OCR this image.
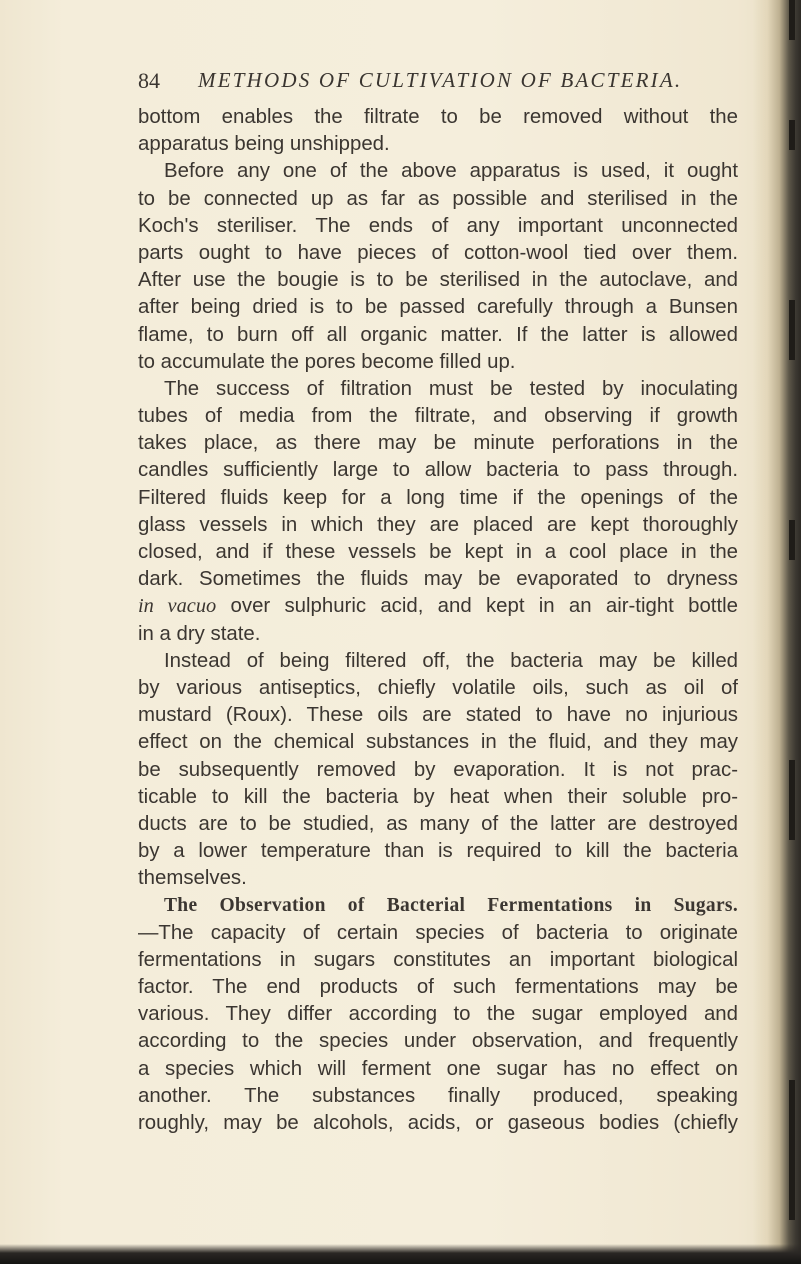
84 METHODS OF CULTIVATION OF BACTERIA.
bottom enables the filtrate to be removed without the
apparatus being unshipped.
Before any one of the above apparatus is used, it ought
to be connected up as far as possible and sterilised in the
Koch's steriliser. The ends of any important unconnected
parts ought to have pieces of cotton-wool tied over them.
After use the bougie is to be sterilised in the autoclave, and
after being dried is to be passed carefully through a Bunsen
flame, to burn off all organic matter. If the latter is allowed
to accumulate the pores become filled up.
The success of filtration must be tested by inoculating
tubes of media from the filtrate, and observing if growth
takes place, as there may be minute perforations in the
candles sufficiently large to allow bacteria to pass through.
Filtered fluids keep for a long time if the openings of the
glass vessels in which they are placed are kept thoroughly
closed, and if these vessels be kept in a cool place in the
dark. Sometimes the fluids may be evaporated to dryness
in vacuo over sulphuric acid, and kept in an air-tight bottle
in a dry state.
Instead of being filtered off, the bacteria may be killed
by various antiseptics, chiefly volatile oils, such as oil of
mustard (Roux). These oils are stated to have no injurious
effect on the chemical substances in the fluid, and they may
be subsequently removed by evaporation. It is not prac-
ticable to kill the bacteria by heat when their soluble pro-
ducts are to be studied, as many of the latter are destroyed
by a lower temperature than is required to kill the bacteria
themselves.
The Observation of Bacterial Fermentations in Sugars.
—The capacity of certain species of bacteria to originate
fermentations in sugars constitutes an important biological
factor. The end products of such fermentations may be
various. They differ according to the sugar employed and
according to the species under observation, and frequently
a species which will ferment one sugar has no effect on
another. The substances finally produced, speaking
roughly, may be alcohols, acids, or gaseous bodies (chiefly
